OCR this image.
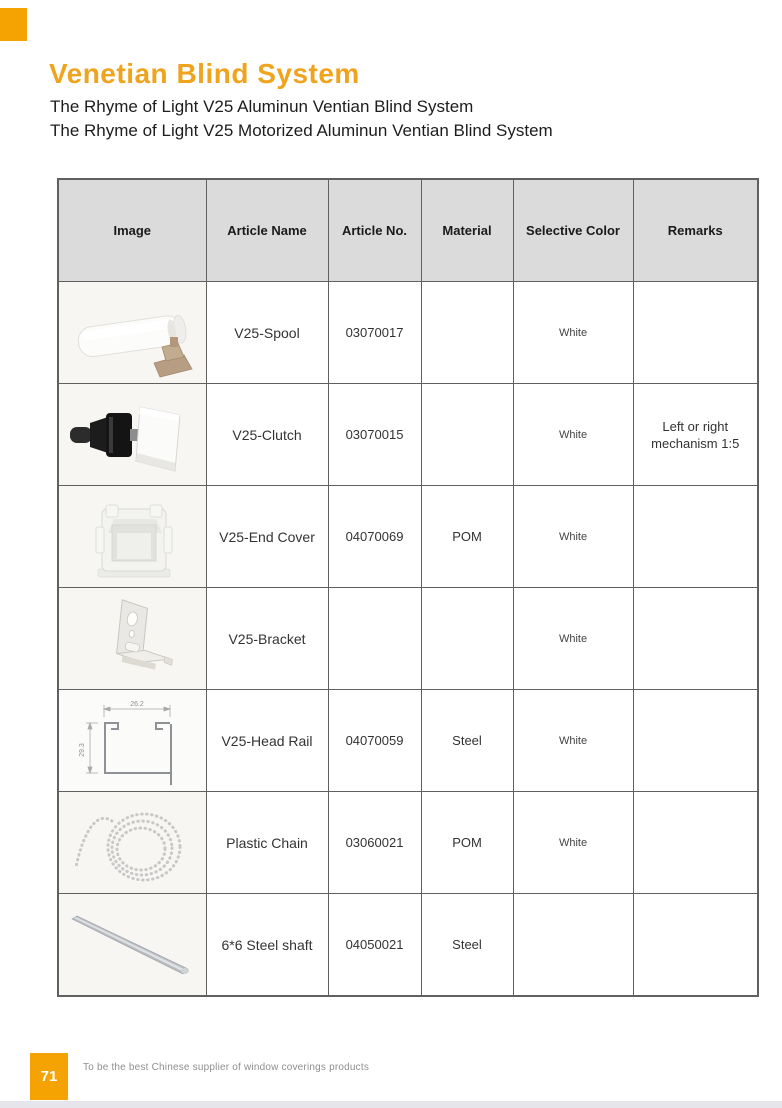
Venetian Blind System
The Rhyme of Light V25 Aluminun Ventian Blind System
The Rhyme of Light V25 Motorized Aluminun Ventian Blind System
Image	Article Name	Article No.	Material	Selective Color	Remarks

	V25-Spool	03070017		White	

	V25-Clutch	03070015		White	Left or right mechanism 1:5

	V25-End Cover	04070069	POM	White	

	V25-Bracket			White	

26.2
29.3	V25-Head Rail	04070059	Steel	White	

	Plastic Chain	03060021	POM	White	

	6*6 Steel shaft	04050021	Steel		
71
To be the best Chinese supplier of window coverings products
